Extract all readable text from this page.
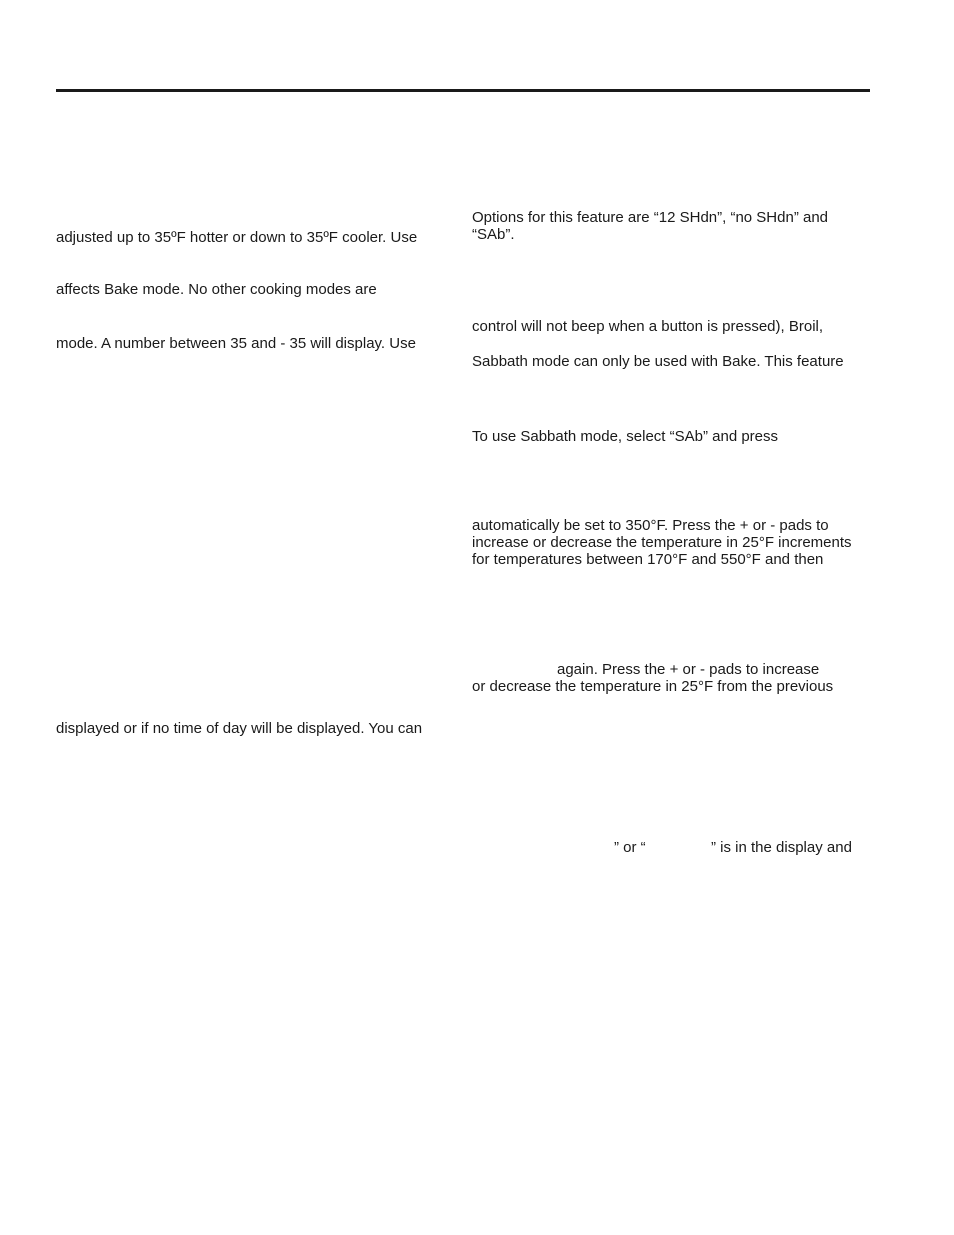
adjusted up to 35ºF hotter or down to 35ºF cooler. Use

affects Bake mode. No other cooking modes are

mode. A number between 35 and - 35 will display. Use

displayed or if no time of day will be displayed. You can

Options for this feature are “12 SHdn”, “no SHdn” and

“SAb”.

control will not beep when a button is pressed), Broil,

Sabbath mode can only be used with Bake. This feature

To use Sabbath mode, select “SAb” and press

automatically be set to 350°F. Press the + or - pads to

increase or decrease the temperature in 25°F increments

for temperatures between 170°F and 550°F and then

again. Press the + or - pads to increase

or decrease the temperature in 25°F from the previous

” or “	” is in the display and
